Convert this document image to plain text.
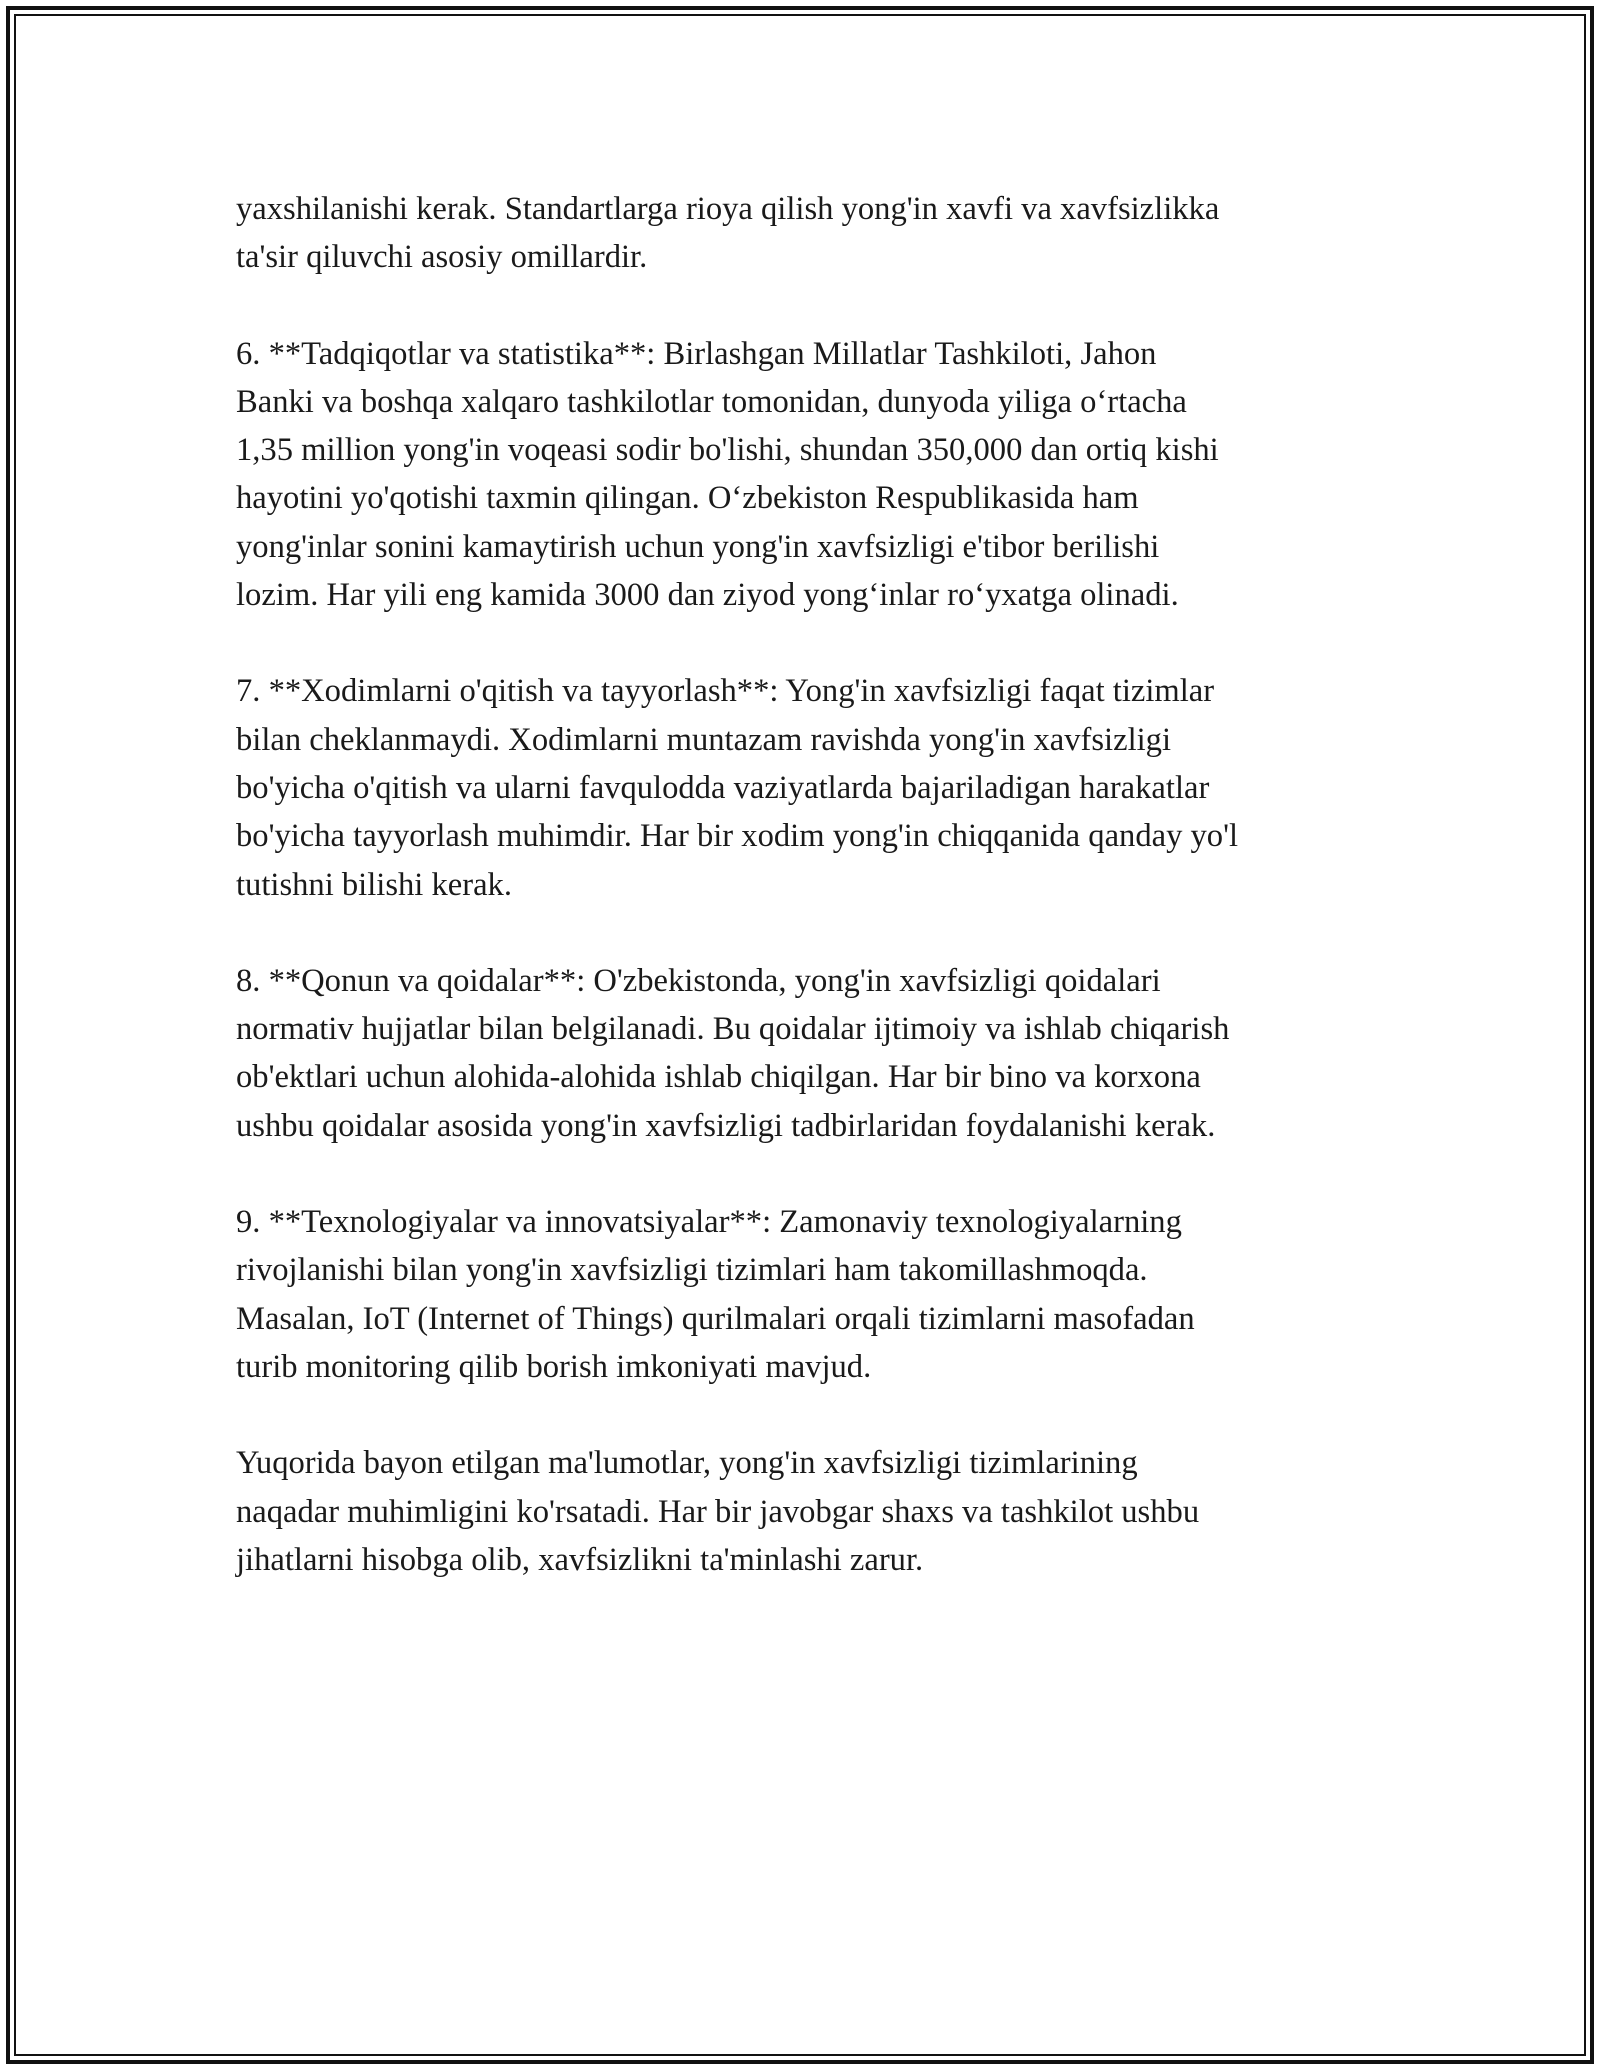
yaxshilanishi kerak. Standartlarga rioya qilish yong'in xavfi va xavfsizlikka
ta'sir qiluvchi asosiy omillardir.

6. **Tadqiqotlar va statistika**: Birlashgan Millatlar Tashkiloti, Jahon
Banki va boshqa xalqaro tashkilotlar tomonidan, dunyoda yiliga o‘rtacha
1,35 million yong'in voqeasi sodir bo'lishi, shundan 350,000 dan ortiq kishi
hayotini yo'qotishi taxmin qilingan. O‘zbekiston Respublikasida ham
yong'inlar sonini kamaytirish uchun yong'in xavfsizligi e'tibor berilishi
lozim. Har yili eng kamida 3000 dan ziyod yong‘inlar ro‘yxatga olinadi.

7. **Xodimlarni o'qitish va tayyorlash**: Yong'in xavfsizligi faqat tizimlar
bilan cheklanmaydi. Xodimlarni muntazam ravishda yong'in xavfsizligi
bo'yicha o'qitish va ularni favqulodda vaziyatlarda bajariladigan harakatlar
bo'yicha tayyorlash muhimdir. Har bir xodim yong'in chiqqanida qanday yo'l
tutishni bilishi kerak.

8. **Qonun va qoidalar**: O'zbekistonda, yong'in xavfsizligi qoidalari
normativ hujjatlar bilan belgilanadi. Bu qoidalar ijtimoiy va ishlab chiqarish
ob'ektlari uchun alohida-alohida ishlab chiqilgan. Har bir bino va korxona
ushbu qoidalar asosida yong'in xavfsizligi tadbirlaridan foydalanishi kerak.

9. **Texnologiyalar va innovatsiyalar**: Zamonaviy texnologiyalarning
rivojlanishi bilan yong'in xavfsizligi tizimlari ham takomillashmoqda.
Masalan, IoT (Internet of Things) qurilmalari orqali tizimlarni masofadan
turib monitoring qilib borish imkoniyati mavjud.

Yuqorida bayon etilgan ma'lumotlar, yong'in xavfsizligi tizimlarining
naqadar muhimligini ko'rsatadi. Har bir javobgar shaxs va tashkilot ushbu
jihatlarni hisobga olib, xavfsizlikni ta'minlashi zarur.
